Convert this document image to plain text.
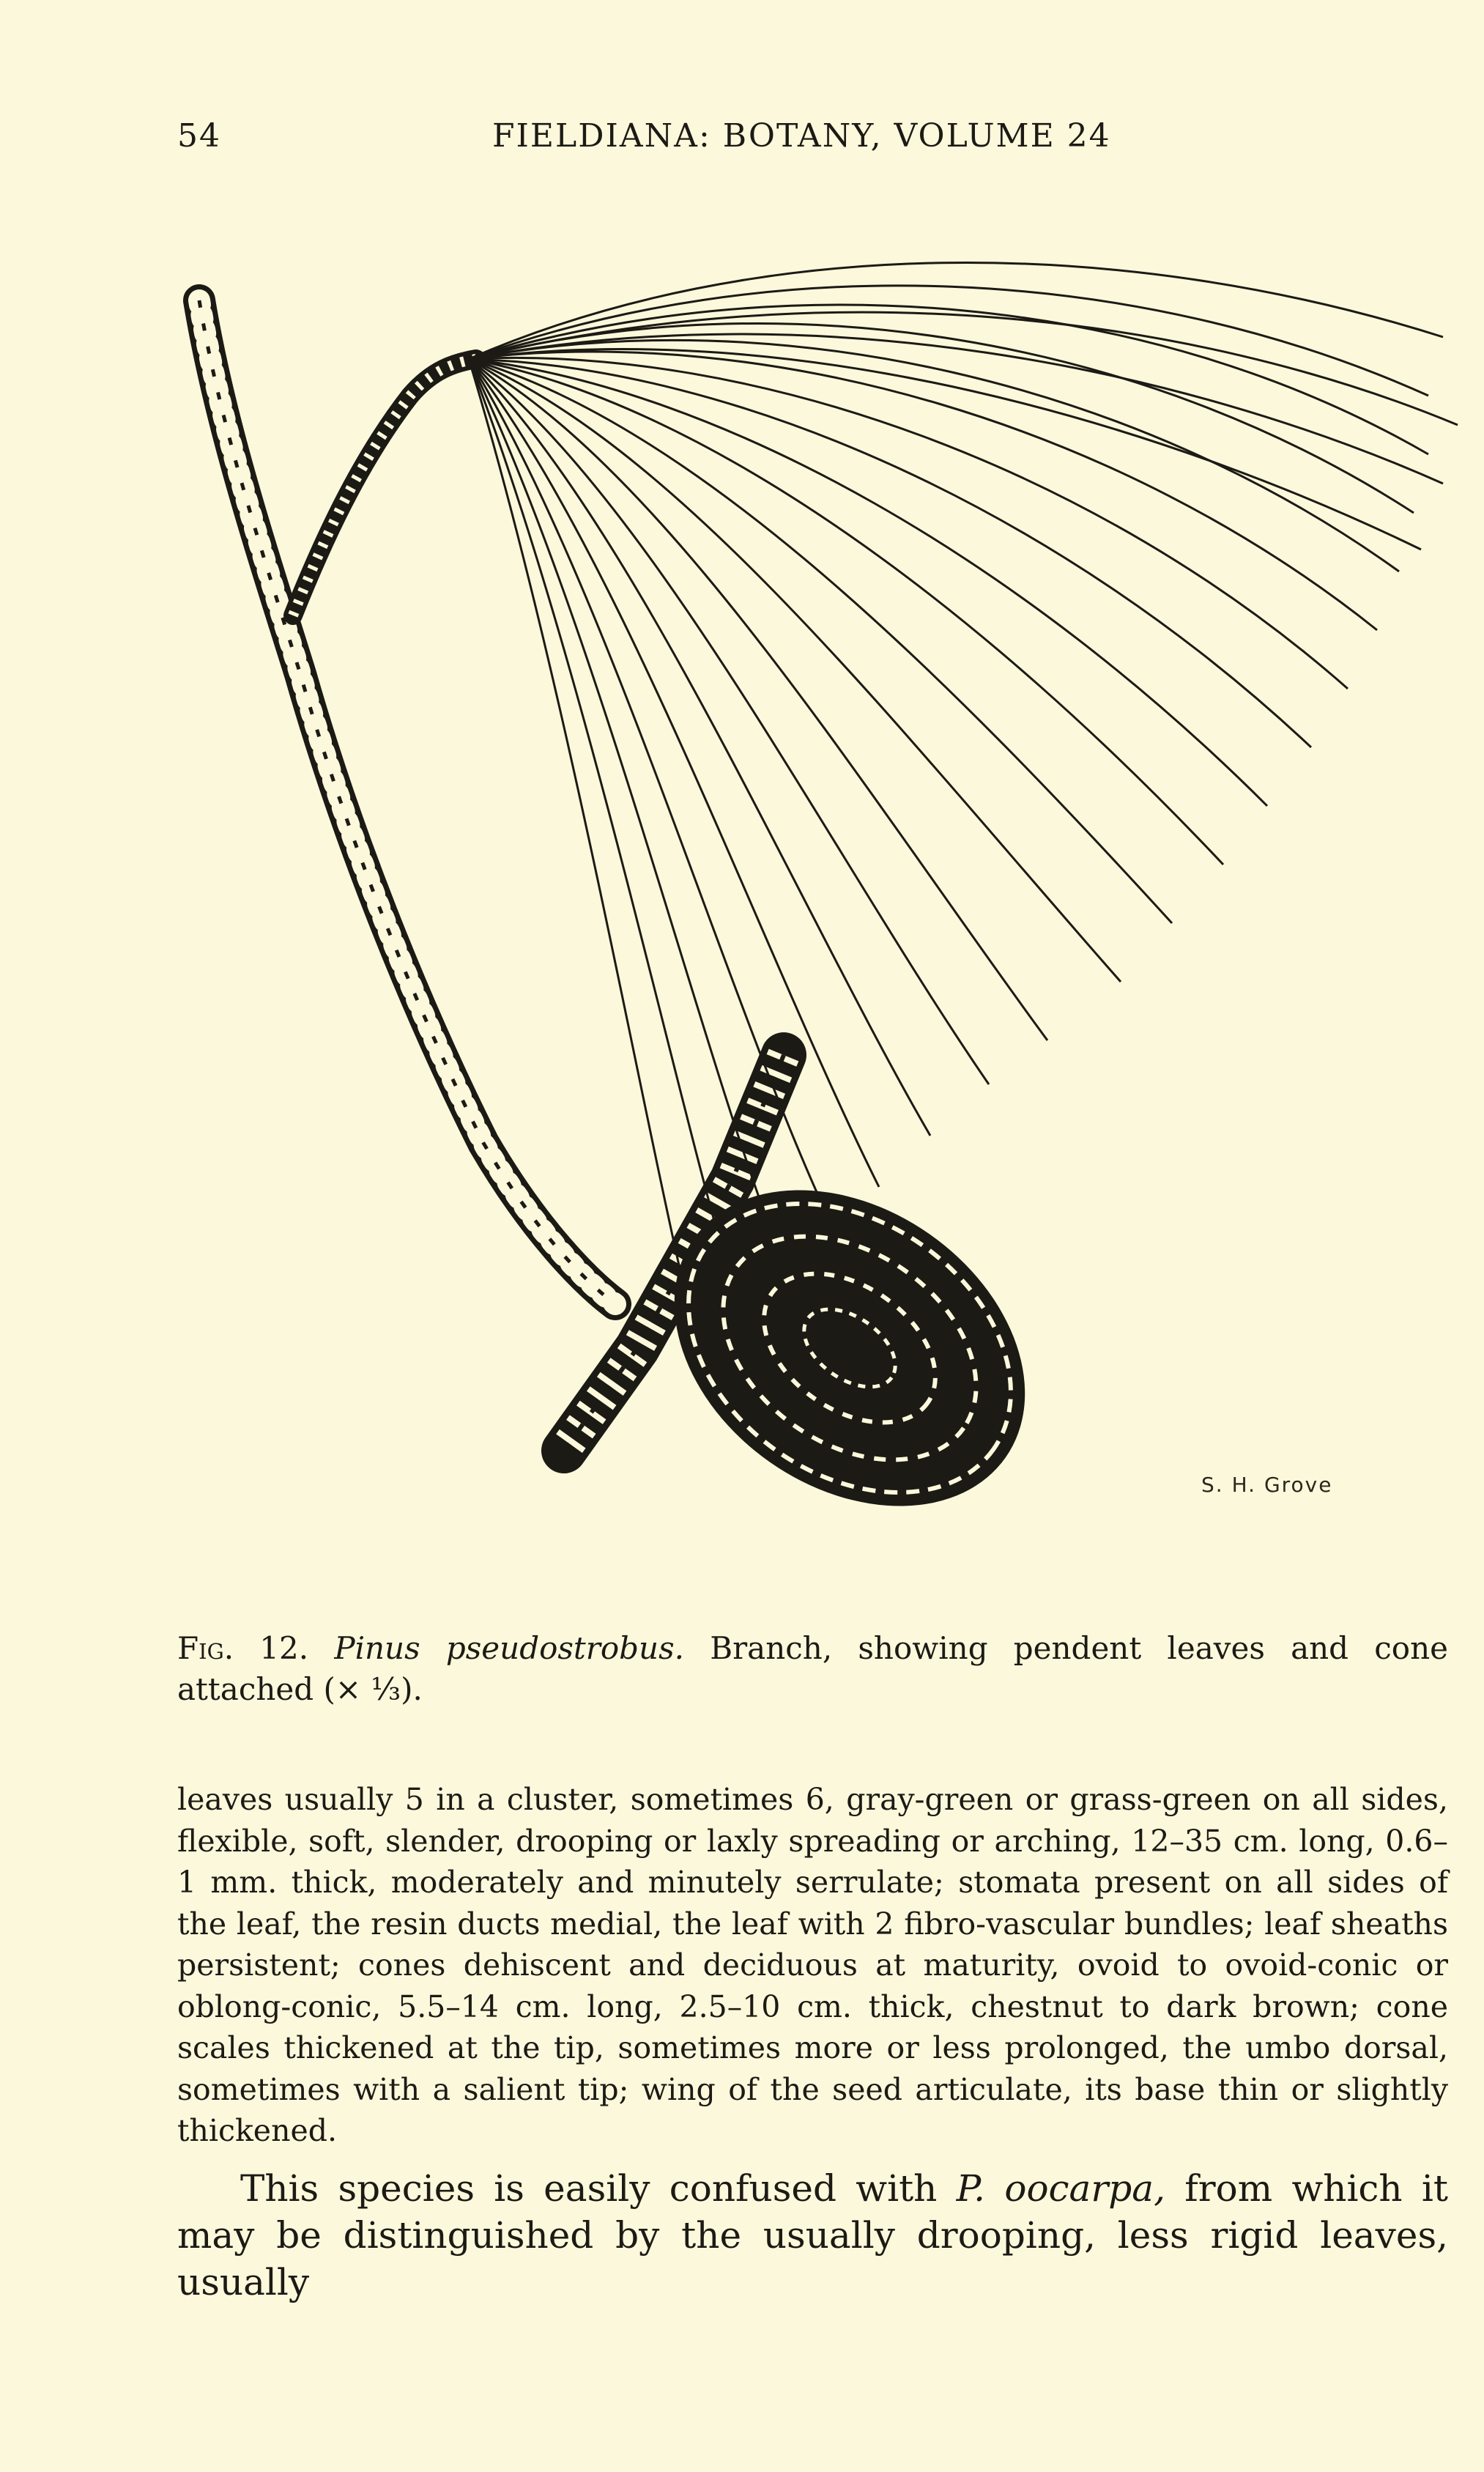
54	FIELDIANA: BOTANY, VOLUME 24
S. H. Grove
Fig. 12. Pinus pseudostrobus. Branch, showing pendent leaves and cone attached (× ⅓).

leaves usually 5 in a cluster, sometimes 6, gray-green or grass-green on all sides, flexible, soft, slender, drooping or laxly spreading or arching, 12–35 cm. long, 0.6–1 mm. thick, moderately and minutely serrulate; stomata present on all sides of the leaf, the resin ducts medial, the leaf with 2 fibro-vascular bundles; leaf sheaths persistent; cones dehiscent and deciduous at maturity, ovoid to ovoid-conic or oblong-conic, 5.5–14 cm. long, 2.5–10 cm. thick, chestnut to dark brown; cone scales thickened at the tip, sometimes more or less prolonged, the umbo dorsal, sometimes with a salient tip; wing of the seed articulate, its base thin or slightly thickened.

This species is easily confused with P. oocarpa, from which it may be distinguished by the usually drooping, less rigid leaves, usually
